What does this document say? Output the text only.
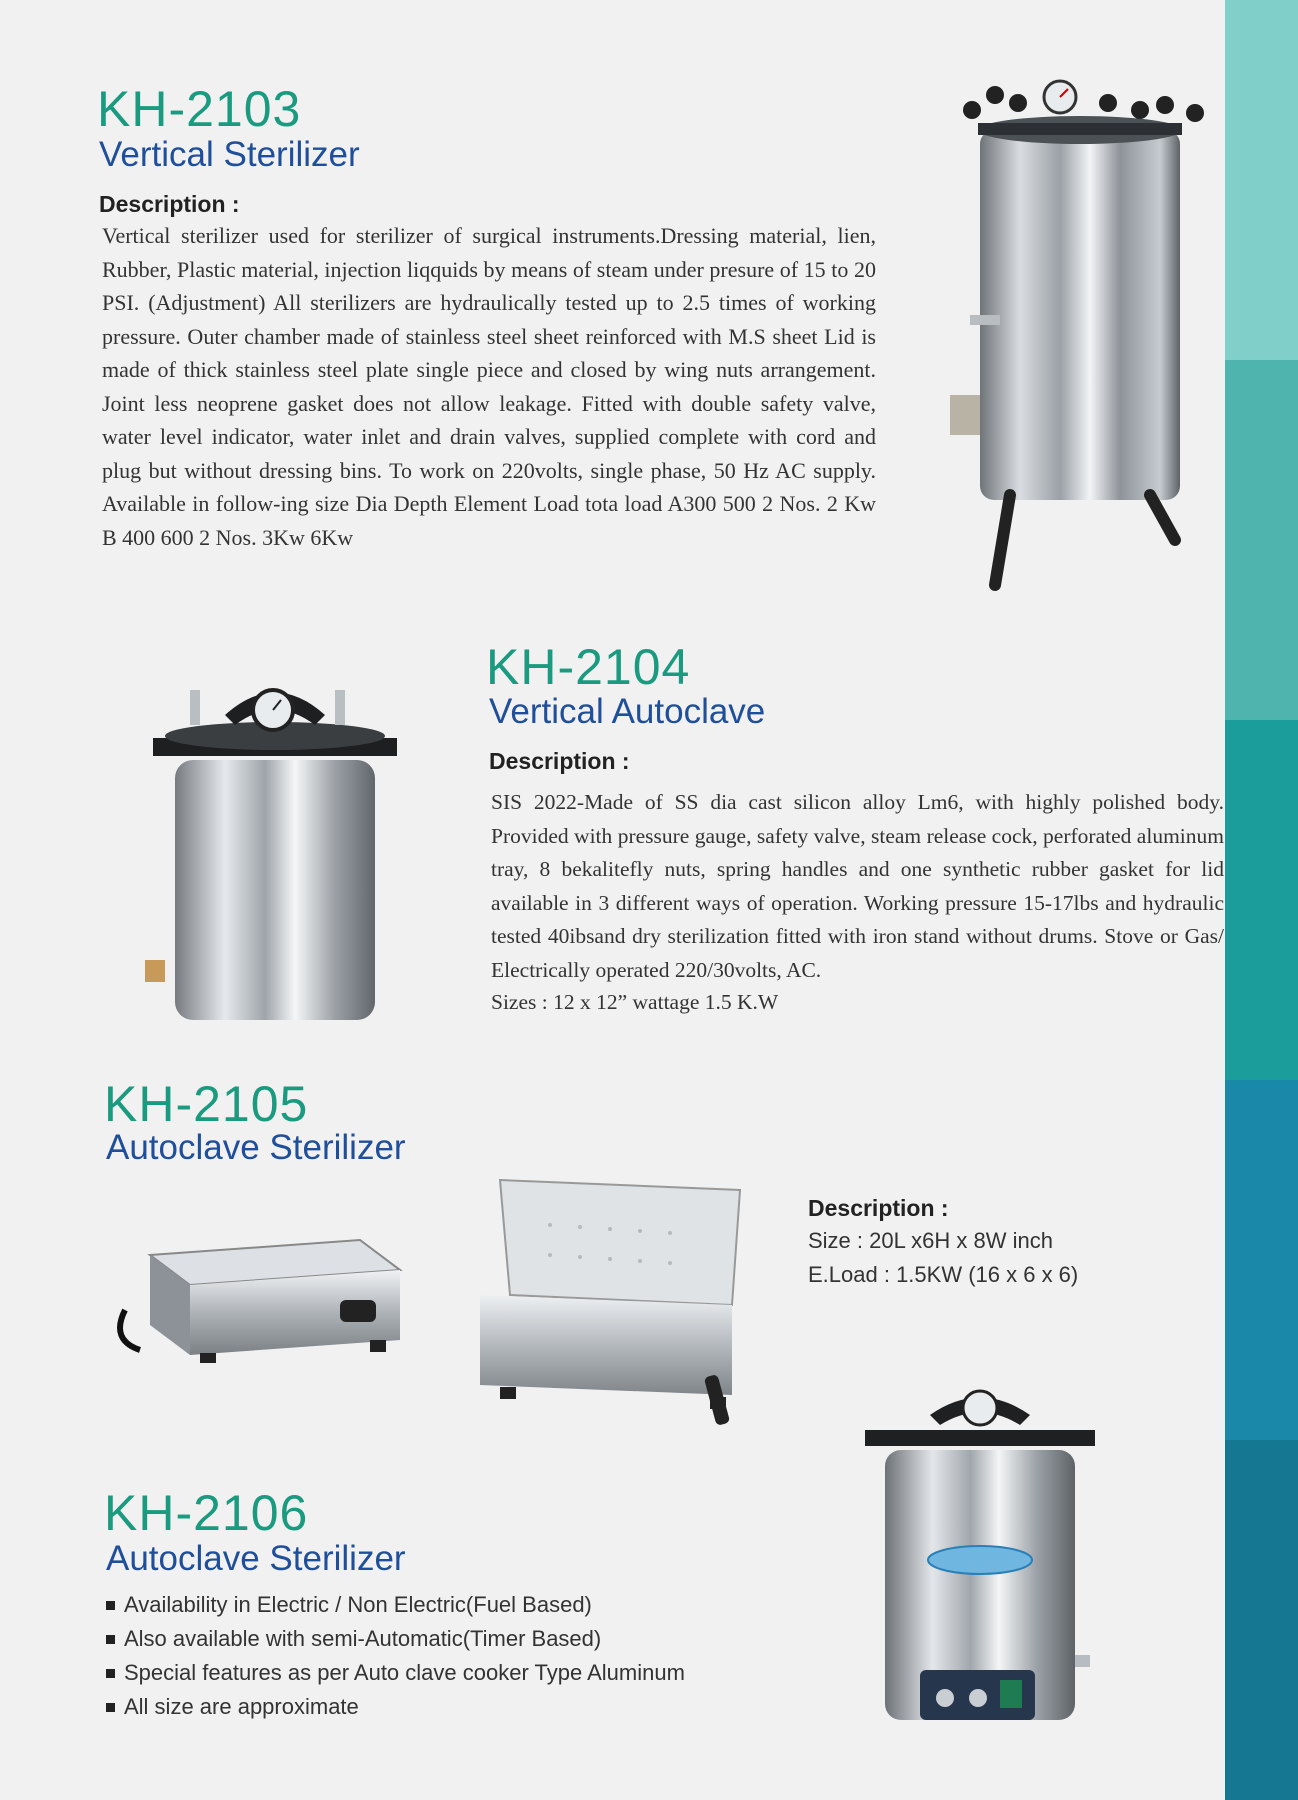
KH-2103
Vertical Sterilizer
Description :
Vertical sterilizer used for sterilizer of surgical instruments.Dressing material, lien, Rubber, Plastic material, injection liqquids by means of steam under presure of 15 to 20 PSI. (Adjustment) All sterilizers are hydraulically tested up to 2.5 times of working pressure. Outer chamber made of stainless steel sheet reinforced with M.S sheet Lid is made of thick stainless steel plate single piece and closed by wing nuts arrangement. Joint less neoprene gasket does not allow leakage. Fitted with double safety valve, water level indicator, water inlet and drain valves, supplied complete with cord and plug but without dressing bins. To work on 220volts, single phase, 50 Hz AC supply. Available in follow-ing size Dia Depth Element Load tota load A300 500 2 Nos. 2 Kw B 400 600 2 Nos. 3Kw 6Kw
KH-2104
Vertical Autoclave
Description :
SIS 2022-Made of SS dia cast silicon alloy Lm6, with highly polished body. Provided with pressure gauge, safety valve, steam release cock, perforated aluminum tray, 8 bekalitefly nuts, spring handles and one synthetic rubber gasket for lid available in 3 different ways of operation. Working pressure 15-17lbs and hydraulic tested 40ibsand dry sterilization fitted with iron stand without drums. Stove or Gas/ Electrically operated 220/30volts, AC.
Sizes : 12 x 12” wattage 1.5 K.W
KH-2105
Autoclave Sterilizer
Description :
Size : 20L x6H x 8W inch
E.Load : 1.5KW (16 x 6 x 6)
KH-2106
Autoclave Sterilizer
Availability in Electric / Non Electric(Fuel Based)
Also available with semi-Automatic(Timer Based)
Special features as per Auto clave cooker Type Aluminum
All size are approximate
